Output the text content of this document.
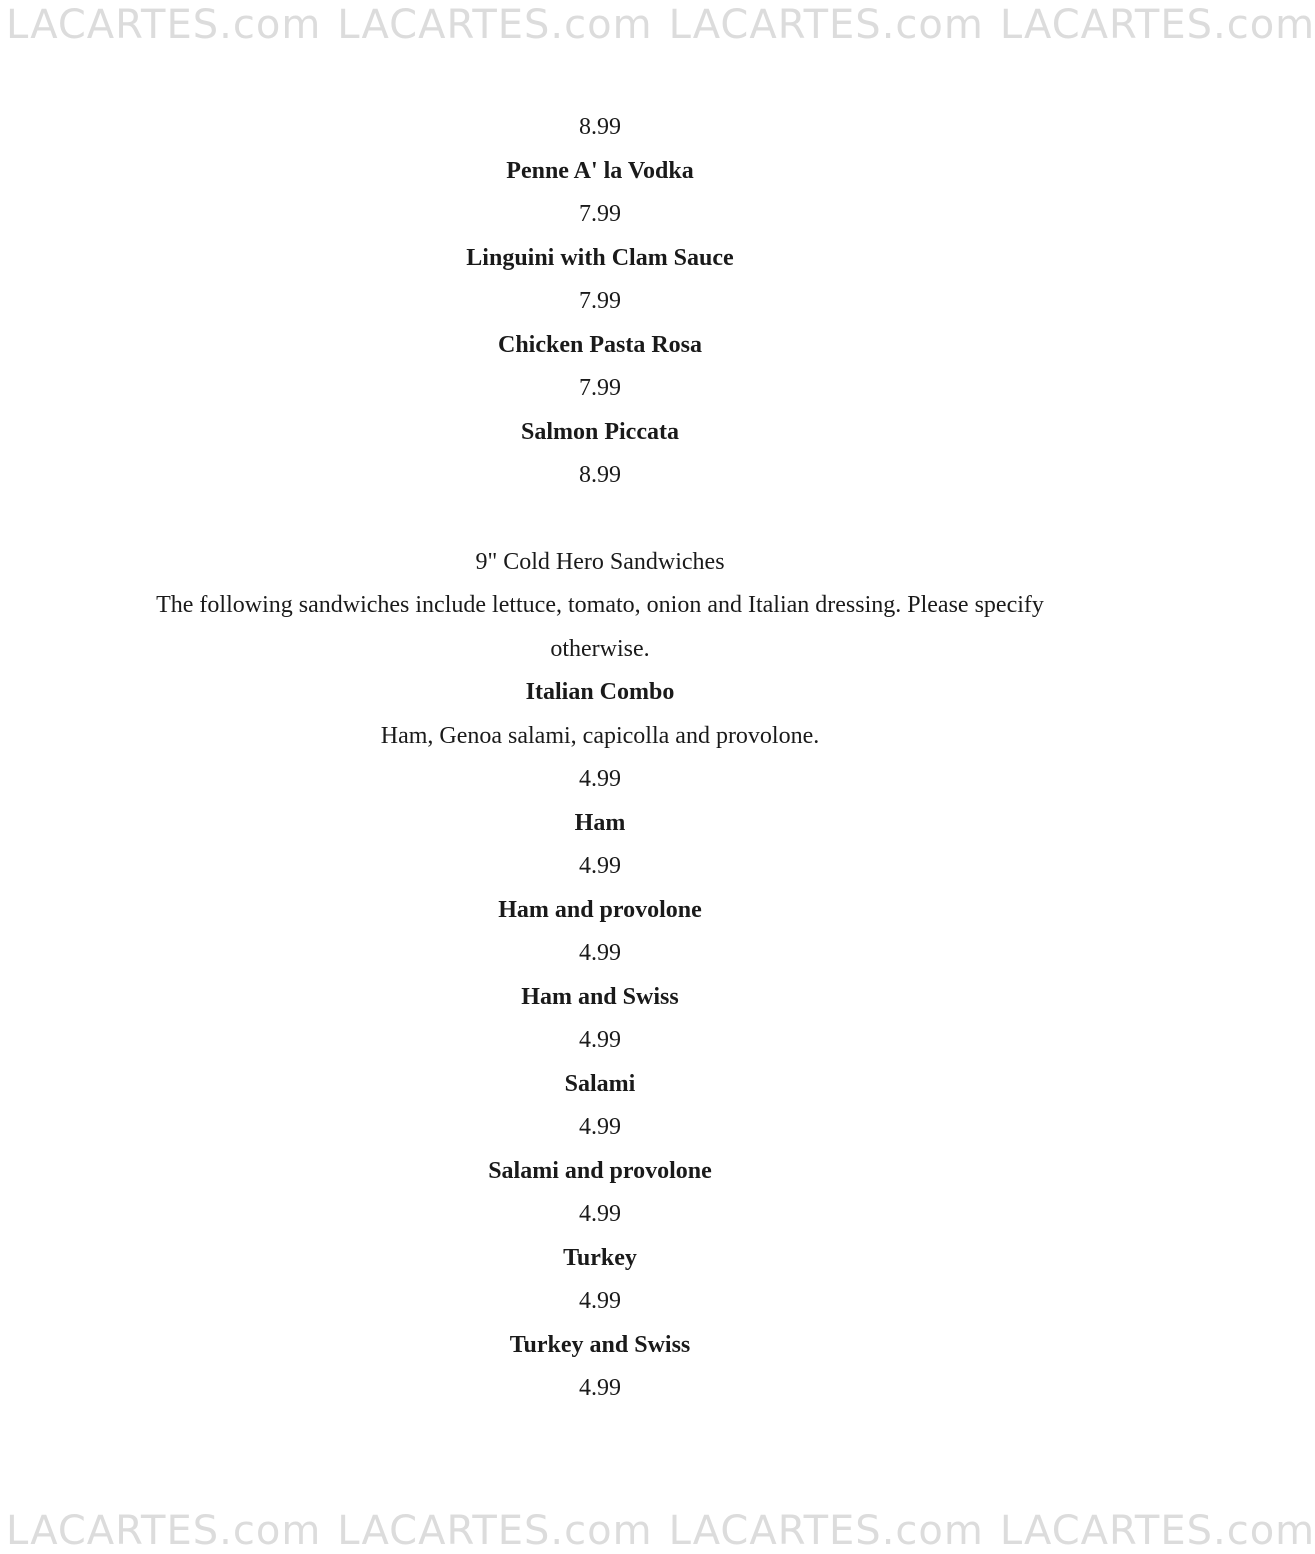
LACARTES.com LACARTES.com LACARTES.com LACARTES.com
8.99
Penne A' la Vodka
7.99
Linguini with Clam Sauce
7.99
Chicken Pasta Rosa
7.99
Salmon Piccata
8.99
9" Cold Hero Sandwiches
The following sandwiches include lettuce, tomato, onion and Italian dressing. Please specify otherwise.
Italian Combo
Ham, Genoa salami, capicolla and provolone.
4.99
Ham
4.99
Ham and provolone
4.99
Ham and Swiss
4.99
Salami
4.99
Salami and provolone
4.99
Turkey
4.99
Turkey and Swiss
4.99
LACARTES.com LACARTES.com LACARTES.com LACARTES.com
